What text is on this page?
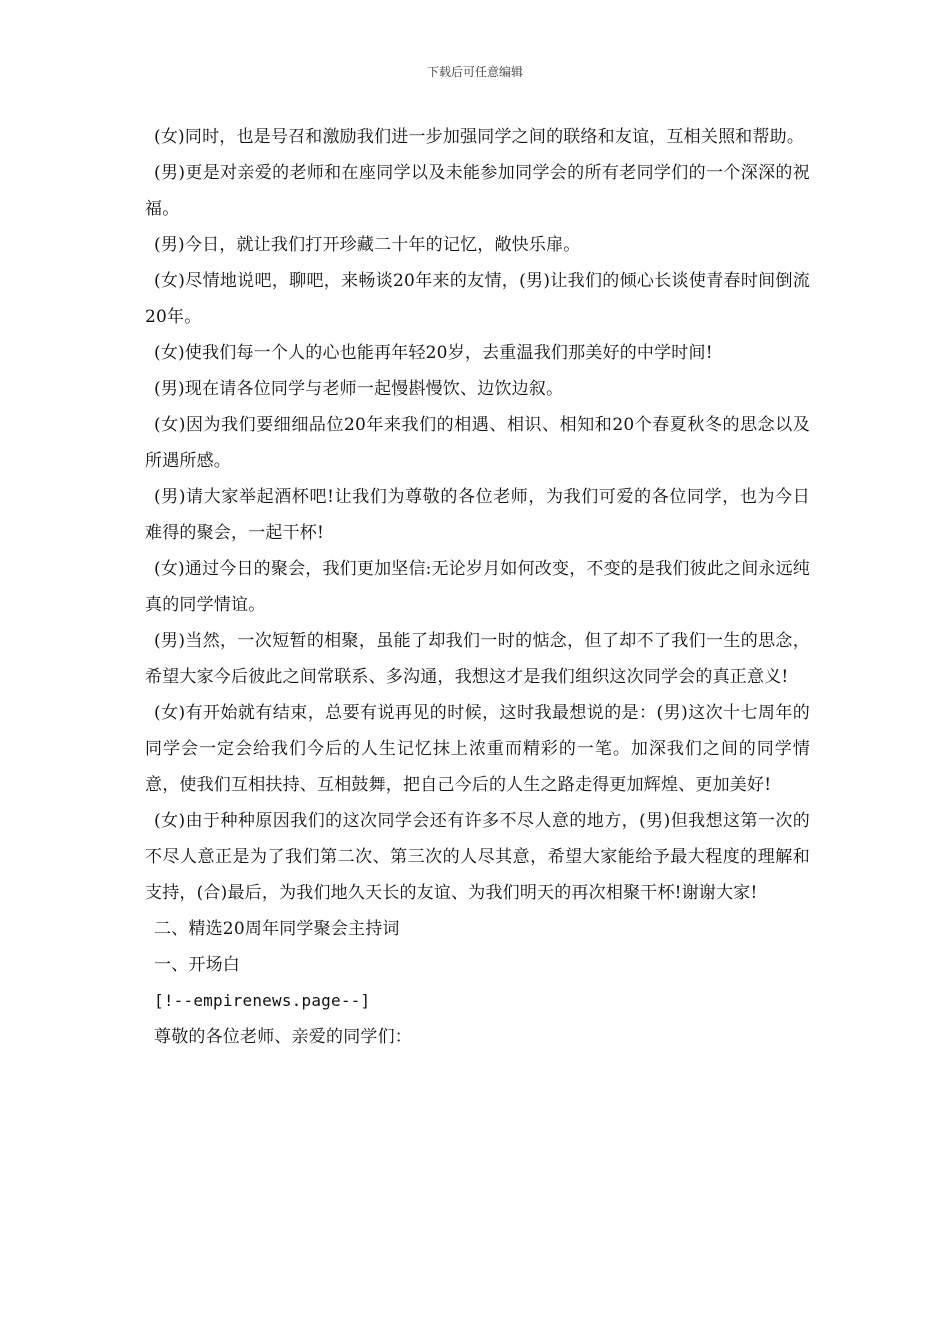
下载后可任意编辑

(女)同时，也是号召和激励我们进一步加强同学之间的联络和友谊，互相关照和帮助。

(男)更是对亲爱的老师和在座同学以及未能参加同学会的所有老同学们的一个深深的祝福。

(男)今日，就让我们打开珍藏二十年的记忆，敞快乐扉。

(女)尽情地说吧，聊吧，来畅谈20年来的友情，(男)让我们的倾心长谈使青春时间倒流20年。

(女)使我们每一个人的心也能再年轻20岁，去重温我们那美好的中学时间!

(男)现在请各位同学与老师一起慢斟慢饮、边饮边叙。

(女)因为我们要细细品位20年来我们的相遇、相识、相知和20个春夏秋冬的思念以及所遇所感。

(男)请大家举起酒杯吧!让我们为尊敬的各位老师，为我们可爱的各位同学，也为今日难得的聚会，一起干杯!

(女)通过今日的聚会，我们更加坚信:无论岁月如何改变，不变的是我们彼此之间永远纯真的同学情谊。

(男)当然，一次短暂的相聚，虽能了却我们一时的惦念，但了却不了我们一生的思念，希望大家今后彼此之间常联系、多沟通，我想这才是我们组织这次同学会的真正意义!

(女)有开始就有结束，总要有说再见的时候，这时我最想说的是：(男)这次十七周年的同学会一定会给我们今后的人生记忆抹上浓重而精彩的一笔。加深我们之间的同学情意，使我们互相扶持、互相鼓舞，把自己今后的人生之路走得更加辉煌、更加美好!

(女)由于种种原因我们的这次同学会还有许多不尽人意的地方，(男)但我想这第一次的不尽人意正是为了我们第二次、第三次的人尽其意，希望大家能给予最大程度的理解和支持，(合)最后，为我们地久天长的友谊、为我们明天的再次相聚干杯!谢谢大家!

二、精选20周年同学聚会主持词

一、开场白

[!--empirenews.page--]

尊敬的各位老师、亲爱的同学们：
